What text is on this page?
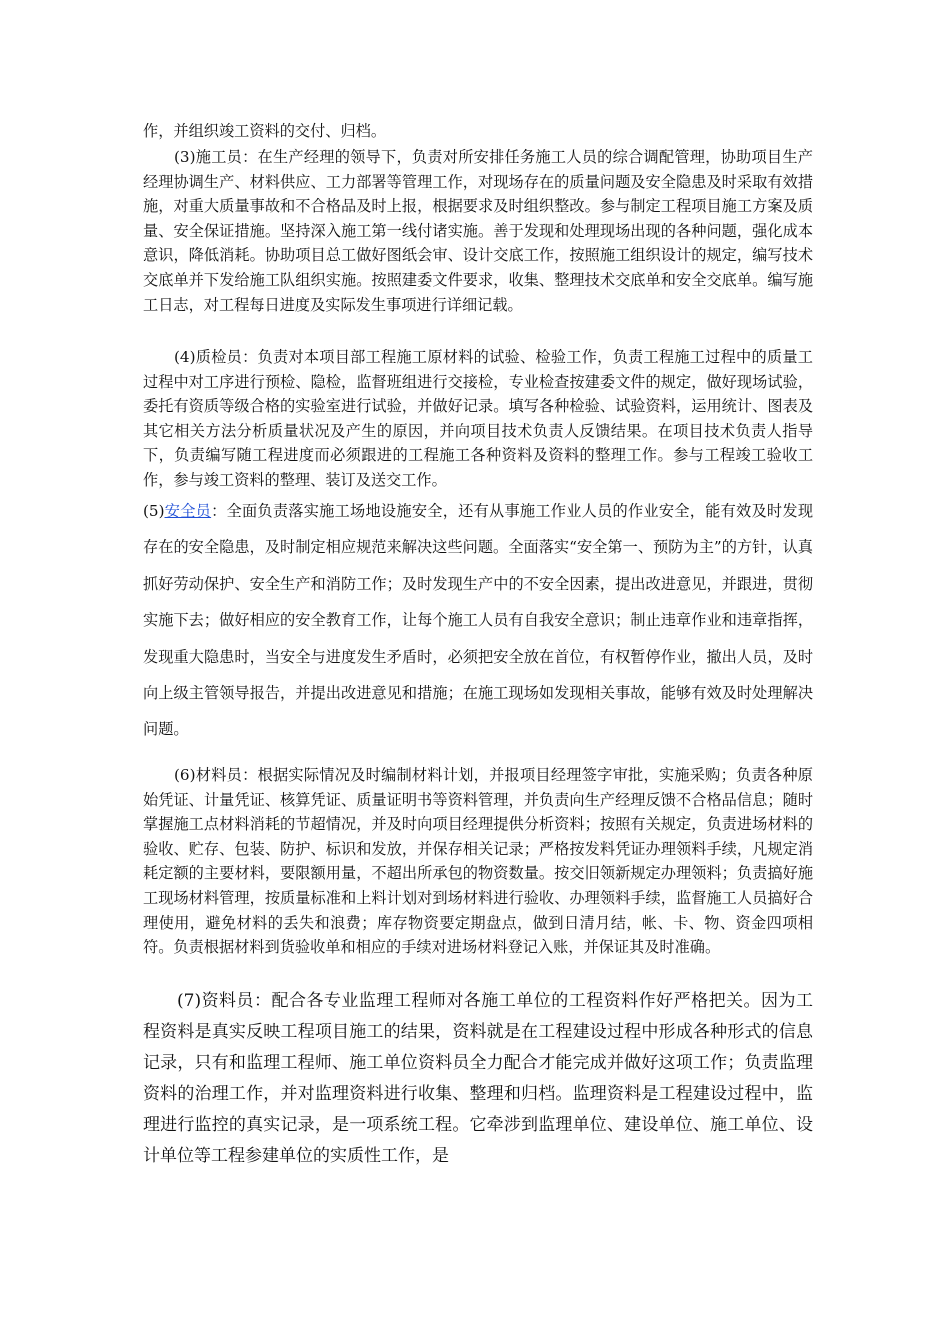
作，并组织竣工资料的交付、归档。

(3)施工员：在生产经理的领导下，负责对所安排任务施工人员的综合调配管理，协助项目生产经理协调生产、材料供应、工力部署等管理工作，对现场存在的质量问题及安全隐患及时采取有效措施，对重大质量事故和不合格品及时上报，根据要求及时组织整改。参与制定工程项目施工方案及质量、安全保证措施。坚持深入施工第一线付诸实施。善于发现和处理现场出现的各种问题，强化成本意识，降低消耗。协助项目总工做好图纸会审、设计交底工作，按照施工组织设计的规定，编写技术交底单并下发给施工队组织实施。按照建委文件要求，收集、整理技术交底单和安全交底单。编写施工日志，对工程每日进度及实际发生事项进行详细记载。

(4)质检员：负责对本项目部工程施工原材料的试验、检验工作，负责工程施工过程中的质量工过程中对工序进行预检、隐检，监督班组进行交接检，专业检查按建委文件的规定，做好现场试验，委托有资质等级合格的实验室进行试验，并做好记录。填写各种检验、试验资料，运用统计、图表及其它相关方法分析质量状况及产生的原因，并向项目技术负责人反馈结果。在项目技术负责人指导下，负责编写随工程进度而必须跟进的工程施工各种资料及资料的整理工作。参与工程竣工验收工作，参与竣工资料的整理、装订及送交工作。

(5)安全员：全面负责落实施工场地设施安全，还有从事施工作业人员的作业安全，能有效及时发现存在的安全隐患，及时制定相应规范来解决这些问题。全面落实“安全第一、预防为主”的方针，认真抓好劳动保护、安全生产和消防工作；及时发现生产中的不安全因素，提出改进意见，并跟进，贯彻实施下去；做好相应的安全教育工作，让每个施工人员有自我安全意识；制止违章作业和违章指挥，发现重大隐患时，当安全与进度发生矛盾时，必须把安全放在首位，有权暂停作业，撤出人员，及时向上级主管领导报告，并提出改进意见和措施；在施工现场如发现相关事故，能够有效及时处理解决问题。

(6)材料员：根据实际情况及时编制材料计划，并报项目经理签字审批，实施采购；负责各种原始凭证、计量凭证、核算凭证、质量证明书等资料管理，并负责向生产经理反馈不合格品信息；随时掌握施工点材料消耗的节超情况，并及时向项目经理提供分析资料；按照有关规定，负责进场材料的验收、贮存、包装、防护、标识和发放，并保存相关记录；严格按发料凭证办理领料手续，凡规定消耗定额的主要材料，要限额用量，不超出所承包的物资数量。按交旧领新规定办理领料；负责搞好施工现场材料管理，按质量标准和上料计划对到场材料进行验收、办理领料手续，监督施工人员搞好合理使用，避免材料的丢失和浪费；库存物资要定期盘点，做到日清月结，帐、卡、物、资金四项相符。负责根据材料到货验收单和相应的手续对进场材料登记入账，并保证其及时准确。

(7)资料员：配合各专业监理工程师对各施工单位的工程资料作好严格把关。因为工程资料是真实反映工程项目施工的结果，资料就是在工程建设过程中形成各种形式的信息记录，只有和监理工程师、施工单位资料员全力配合才能完成并做好这项工作；负责监理资料的治理工作，并对监理资料进行收集、整理和归档。监理资料是工程建设过程中，监理进行监控的真实记录，是一项系统工程。它牵涉到监理单位、建设单位、施工单位、设计单位等工程参建单位的实质性工作，是
